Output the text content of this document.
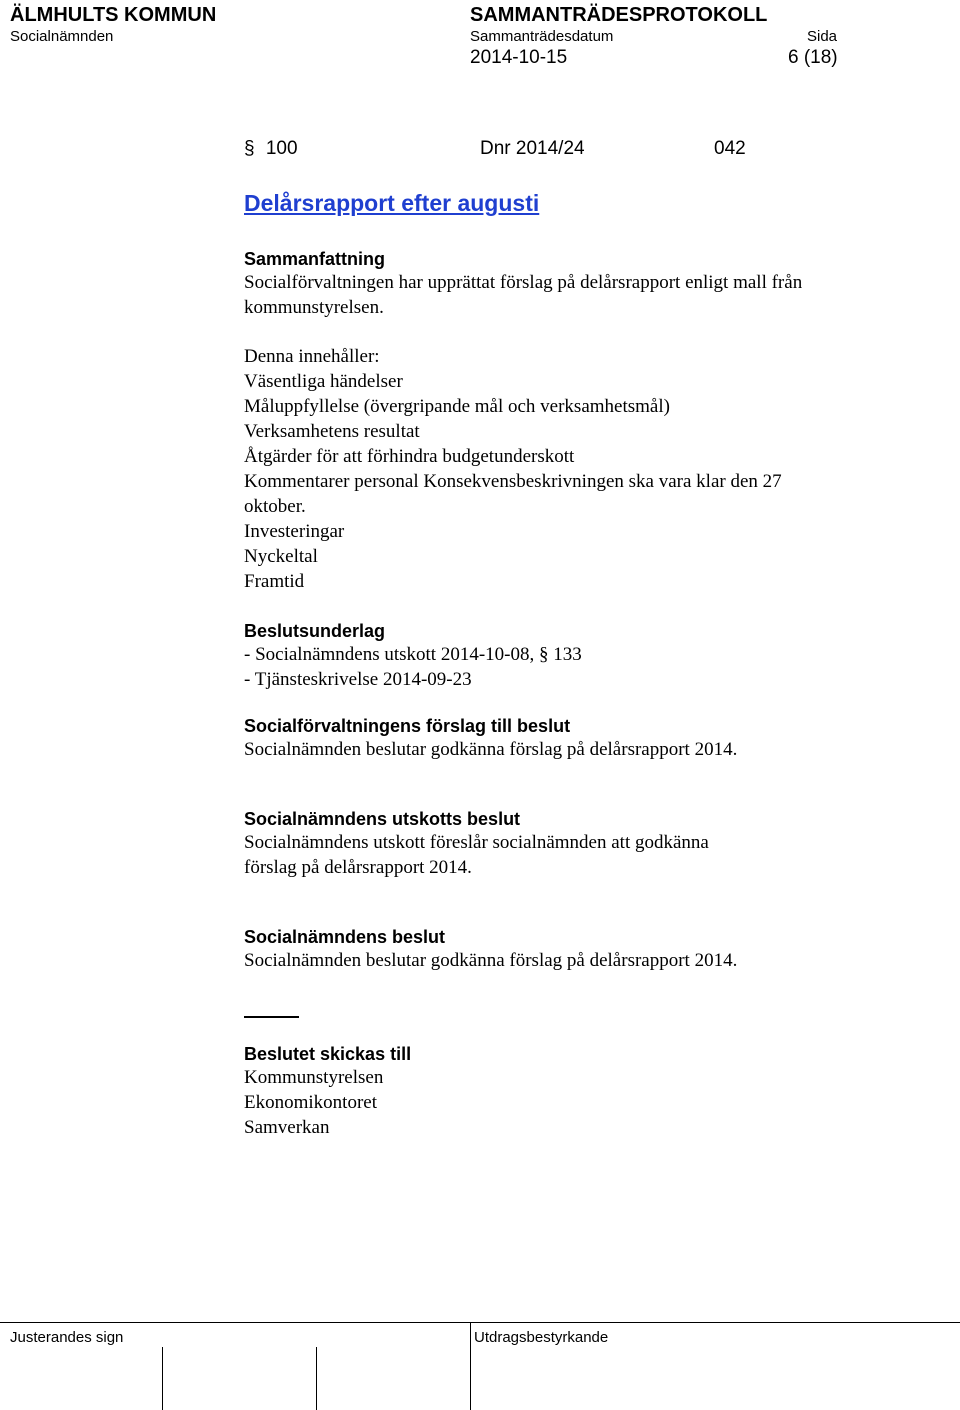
ÄLMHULTS KOMMUN	SAMMANTRÄDESPROTOKOLL
Socialnämnden	Sammanträdesdatum	Sida
2014-10-15	6 (18)
§ 100	Dnr 2014/24	042
Delårsrapport efter augusti
Sammanfattning
Socialförvaltningen har upprättat förslag på delårsrapport enligt mall från
kommunstyrelsen.
Denna innehåller:
Väsentliga händelser
Måluppfyllelse (övergripande mål och verksamhetsmål)
Verksamhetens resultat
Åtgärder för att förhindra budgetunderskott
Kommentarer personal Konsekvensbeskrivningen ska vara klar den 27
oktober.
Investeringar
Nyckeltal
Framtid
Beslutsunderlag
- Socialnämndens utskott 2014-10-08, § 133
- Tjänsteskrivelse 2014-09-23
Socialförvaltningens förslag till beslut
Socialnämnden beslutar godkänna förslag på delårsrapport 2014.
Socialnämndens utskotts beslut
Socialnämndens utskott föreslår socialnämnden att godkänna
förslag på delårsrapport 2014.
Socialnämndens beslut
Socialnämnden beslutar godkänna förslag på delårsrapport 2014.
Beslutet skickas till
Kommunstyrelsen
Ekonomikontoret
Samverkan
Justerandes sign	Utdragsbestyrkande
